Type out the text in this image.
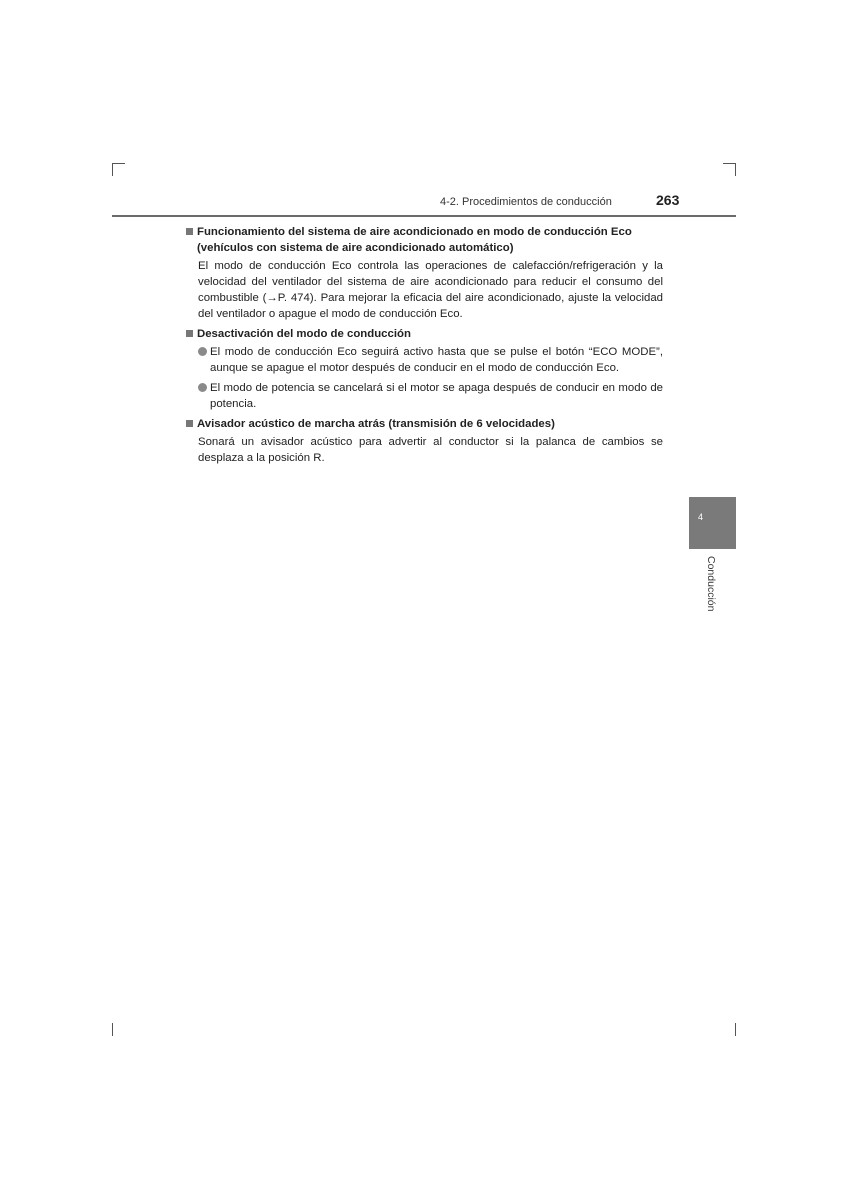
4-2. Procedimientos de conducción	263
Funcionamiento del sistema de aire acondicionado en modo de conducción Eco (vehículos con sistema de aire acondicionado automático)
El modo de conducción Eco controla las operaciones de calefacción/refrigeración y la velocidad del ventilador del sistema de aire acondicionado para reducir el consumo del combustible (→P. 474). Para mejorar la eficacia del aire acondicionado, ajuste la velocidad del ventilador o apague el modo de conducción Eco.
Desactivación del modo de conducción
El modo de conducción Eco seguirá activo hasta que se pulse el botón “ECO MODE”, aunque se apague el motor después de conducir en el modo de conducción Eco.
El modo de potencia se cancelará si el motor se apaga después de conducir en modo de potencia.
Avisador acústico de marcha atrás (transmisión de 6 velocidades)
Sonará un avisador acústico para advertir al conductor si la palanca de cambios se desplaza a la posición R.
4
Conducción
